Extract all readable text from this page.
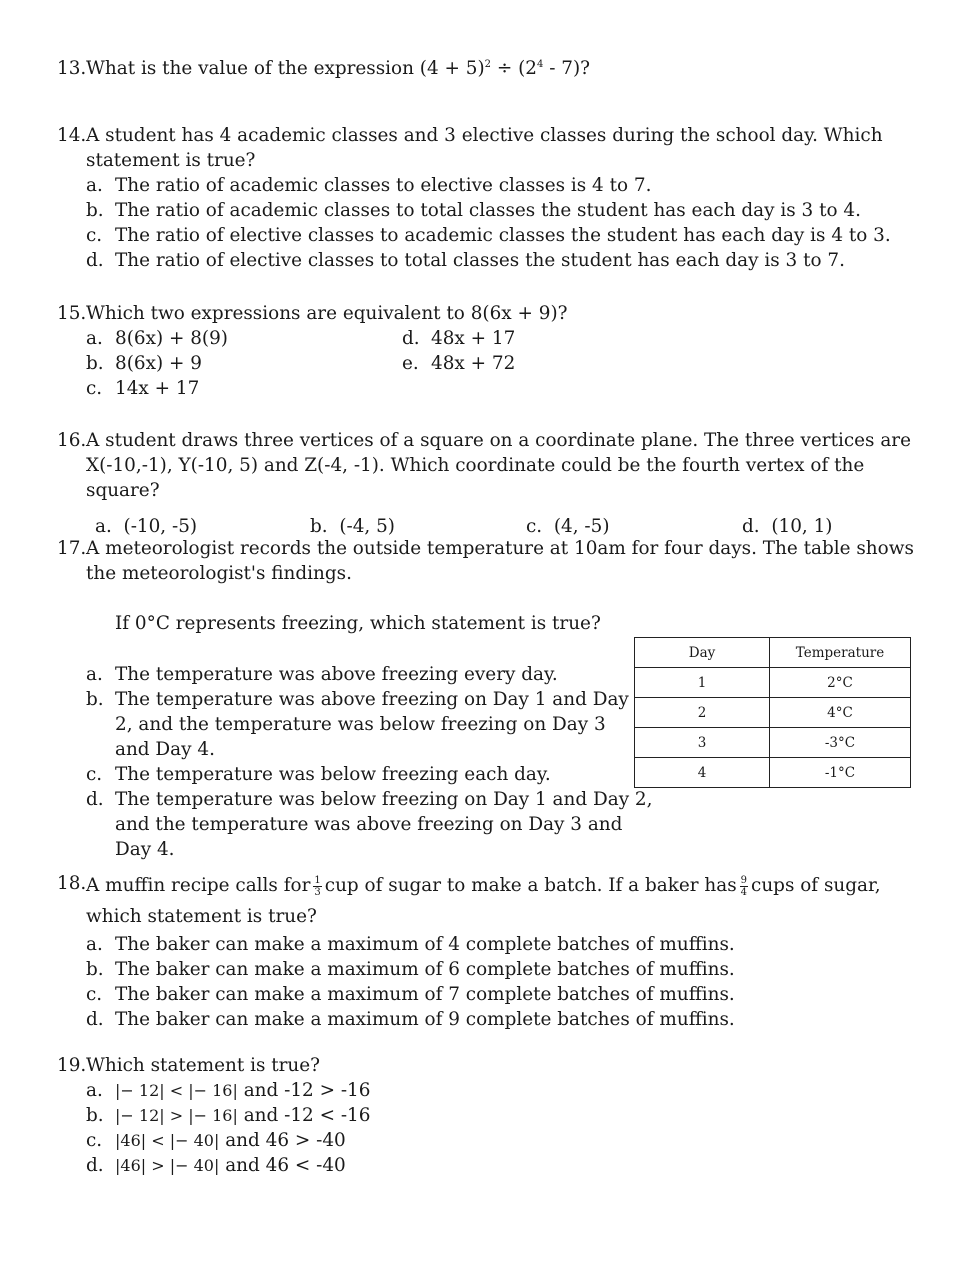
13. What is the value of the expression $(4 + 5)^2 \div (2^4 - 7)$?
14. A student has 4 academic classes and 3 elective classes during the school day. Which statement is true?
a. The ratio of academic classes to elective classes is 4 to 7.
b. The ratio of academic classes to total classes the student has each day is 3 to 4.
c. The ratio of elective classes to academic classes the student has each day is 4 to 3.
d. The ratio of elective classes to total classes the student has each day is 3 to 7.
15. Which two expressions are equivalent to 8(6x + 9)?
a. 8(6x) + 8(9)
b. 8(6x) + 9
c. 14x + 17
d. 48x + 17
e. 48x + 72
16. A student draws three vertices of a square on a coordinate plane. The three vertices are X(-10,-1), Y(-10, 5) and Z(-4, -1). Which coordinate could be the fourth vertex of the square?
a. (-10, -5)	b. (-4, 5)	c. (4, -5)	d. (10, 1)
17. A meteorologist records the outside temperature at 10am for four days. The table shows the meteorologist's findings.
If 0°C represents freezing, which statement is true?
a. The temperature was above freezing every day.
b. The temperature was above freezing on Day 1 and Day 2, and the temperature was below freezing on Day 3 and Day 4.
c. The temperature was below freezing each day.
d. The temperature was below freezing on Day 1 and Day 2, and the temperature was above freezing on Day 3 and Day 4.
Day	Temperature
1	2°C
2	4°C
3	-3°C
4	-1°C
18. A muffin recipe calls for $\frac{1}{3}$ cup of sugar to make a batch. If a baker has $\frac{9}{4}$ cups of sugar, which statement is true?
a. The baker can make a maximum of 4 complete batches of muffins.
b. The baker can make a maximum of 6 complete batches of muffins.
c. The baker can make a maximum of 7 complete batches of muffins.
d. The baker can make a maximum of 9 complete batches of muffins.
19. Which statement is true?
a. |− 12| < |− 16| and -12 > -16
b. |− 12| > |− 16| and -12 < -16
c. |46| < |− 40| and 46 > -40
d. |46| > |− 40| and 46 < -40
